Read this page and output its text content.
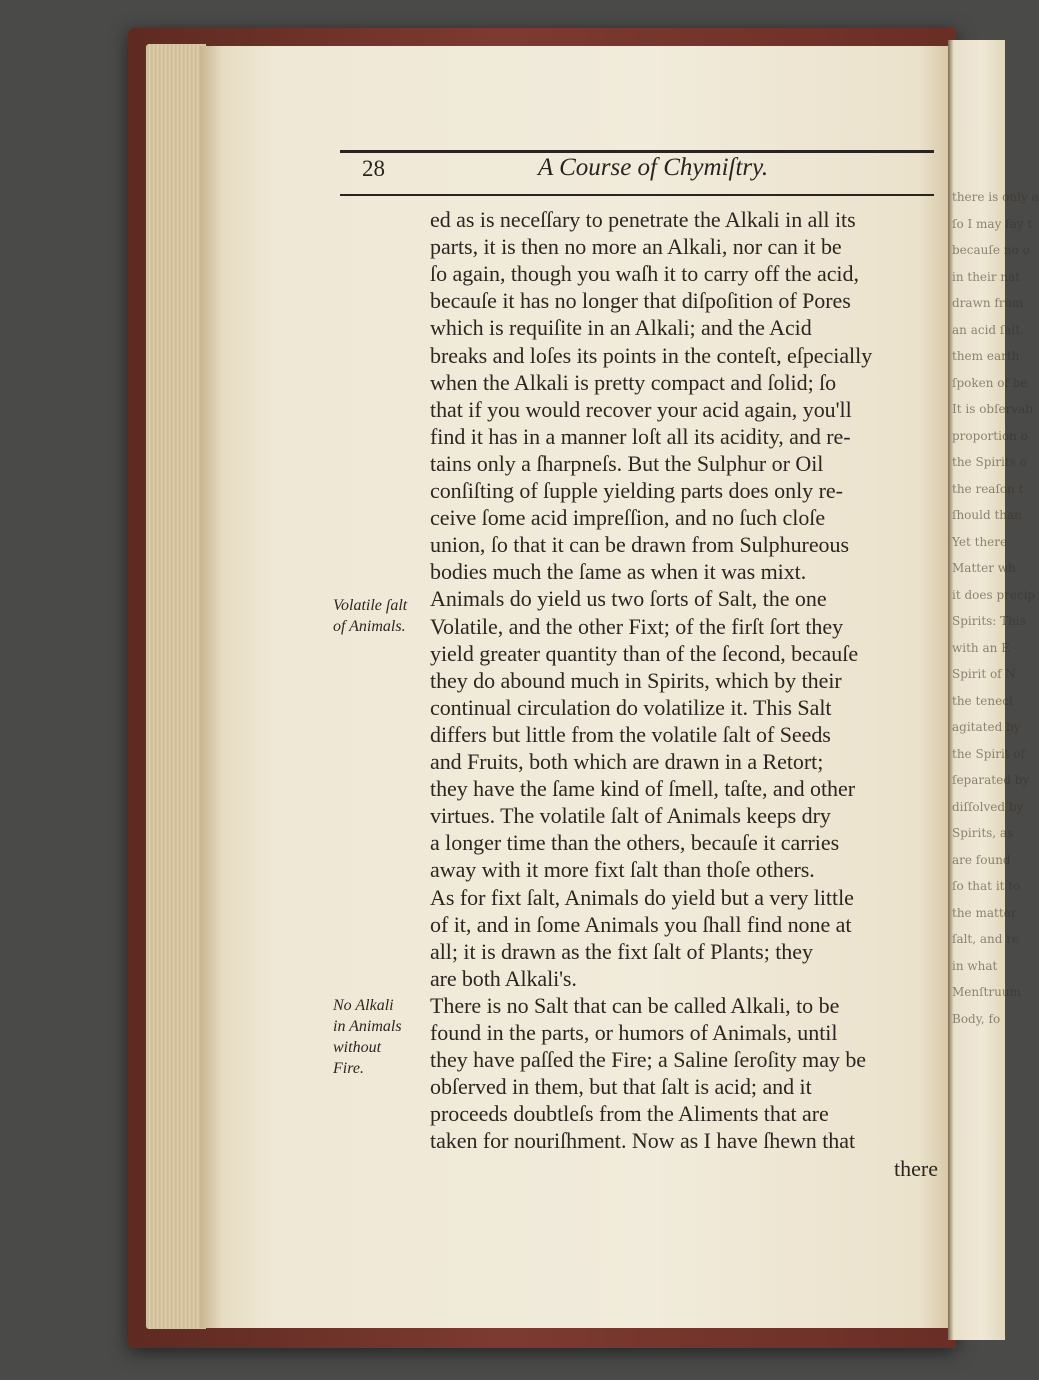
there is only a
ſo I may ſay t
becauſe no o
in their nat
drawn from
an acid ſalt.
them earth
ſpoken of be
It is obſervab
proportion o
the Spirits o
the reaſon t
ſhould than
Yet there
Matter wh
it does precip
Spirits: This
with an E
Spirit of N
the tenecl
agitated by
the Spirit of
ſeparated by
diſſolved by
Spirits, as
are found
ſo that it to
the matter
ſalt, and re
in what
Menſtruum
Body, fo
28	A Course of Chymiſtry.
Volatile ſalt
of Animals.
No Alkali
in Animals
without
Fire.
ed as is neceſſary to penetrate the Alkali in all its
parts, it is then no more an Alkali, nor can it be
ſo again, though you waſh it to carry off the acid,
becauſe it has no longer that diſpoſition of Pores
which is requiſite in an Alkali; and the Acid
breaks and loſes its points in the conteſt, eſpecially
when the Alkali is pretty compact and ſolid; ſo
that if you would recover your acid again, you'll
find it has in a manner loſt all its acidity, and re-
tains only a ſharpneſs. But the Sulphur or Oil
conſiſting of ſupple yielding parts does only re-
ceive ſome acid impreſſion, and no ſuch cloſe
union, ſo that it can be drawn from Sulphureous
bodies much the ſame as when it was mixt.
Animals do yield us two ſorts of Salt, the one
Volatile, and the other Fixt; of the firſt ſort they
yield greater quantity than of the ſecond, becauſe
they do abound much in Spirits, which by their
continual circulation do volatilize it. This Salt
differs but little from the volatile ſalt of Seeds
and Fruits, both which are drawn in a Retort;
they have the ſame kind of ſmell, taſte, and other
virtues. The volatile ſalt of Animals keeps dry
a longer time than the others, becauſe it carries
away with it more fixt ſalt than thoſe others.
As for fixt ſalt, Animals do yield but a very little
of it, and in ſome Animals you ſhall find none at
all; it is drawn as the fixt ſalt of Plants; they
are both Alkali's.
There is no Salt that can be called Alkali, to be
found in the parts, or humors of Animals, until
they have paſſed the Fire; a Saline ſeroſity may be
obſerved in them, but that ſalt is acid; and it
proceeds doubtleſs from the Aliments that are
taken for nouriſhment. Now as I have ſhewn that
there
